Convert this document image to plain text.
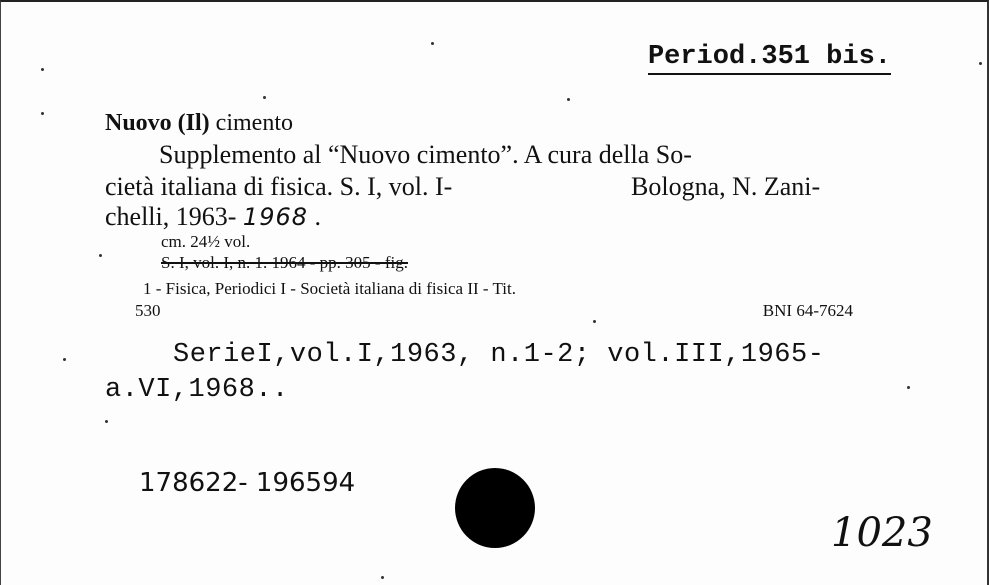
Period.351 bis.
Nuovo (Il) cimento
Supplemento al “Nuovo cimento”. A cura della So-
cietà italiana di fisica. S. I, vol. I-	Bologna, N. Zani-
chelli, 1963- 1968 .
cm. 24½ vol.
S. I, vol. I, n. 1. 1964 - pp. 305 - fig.
1 - Fisica, Periodici I - Società italiana di fisica II - Tit.
530	BNI 64-7624
SerieI,vol.I,1963, n.1-2; vol.III,1965-
a.VI,1968..
178622- 196594
1023
